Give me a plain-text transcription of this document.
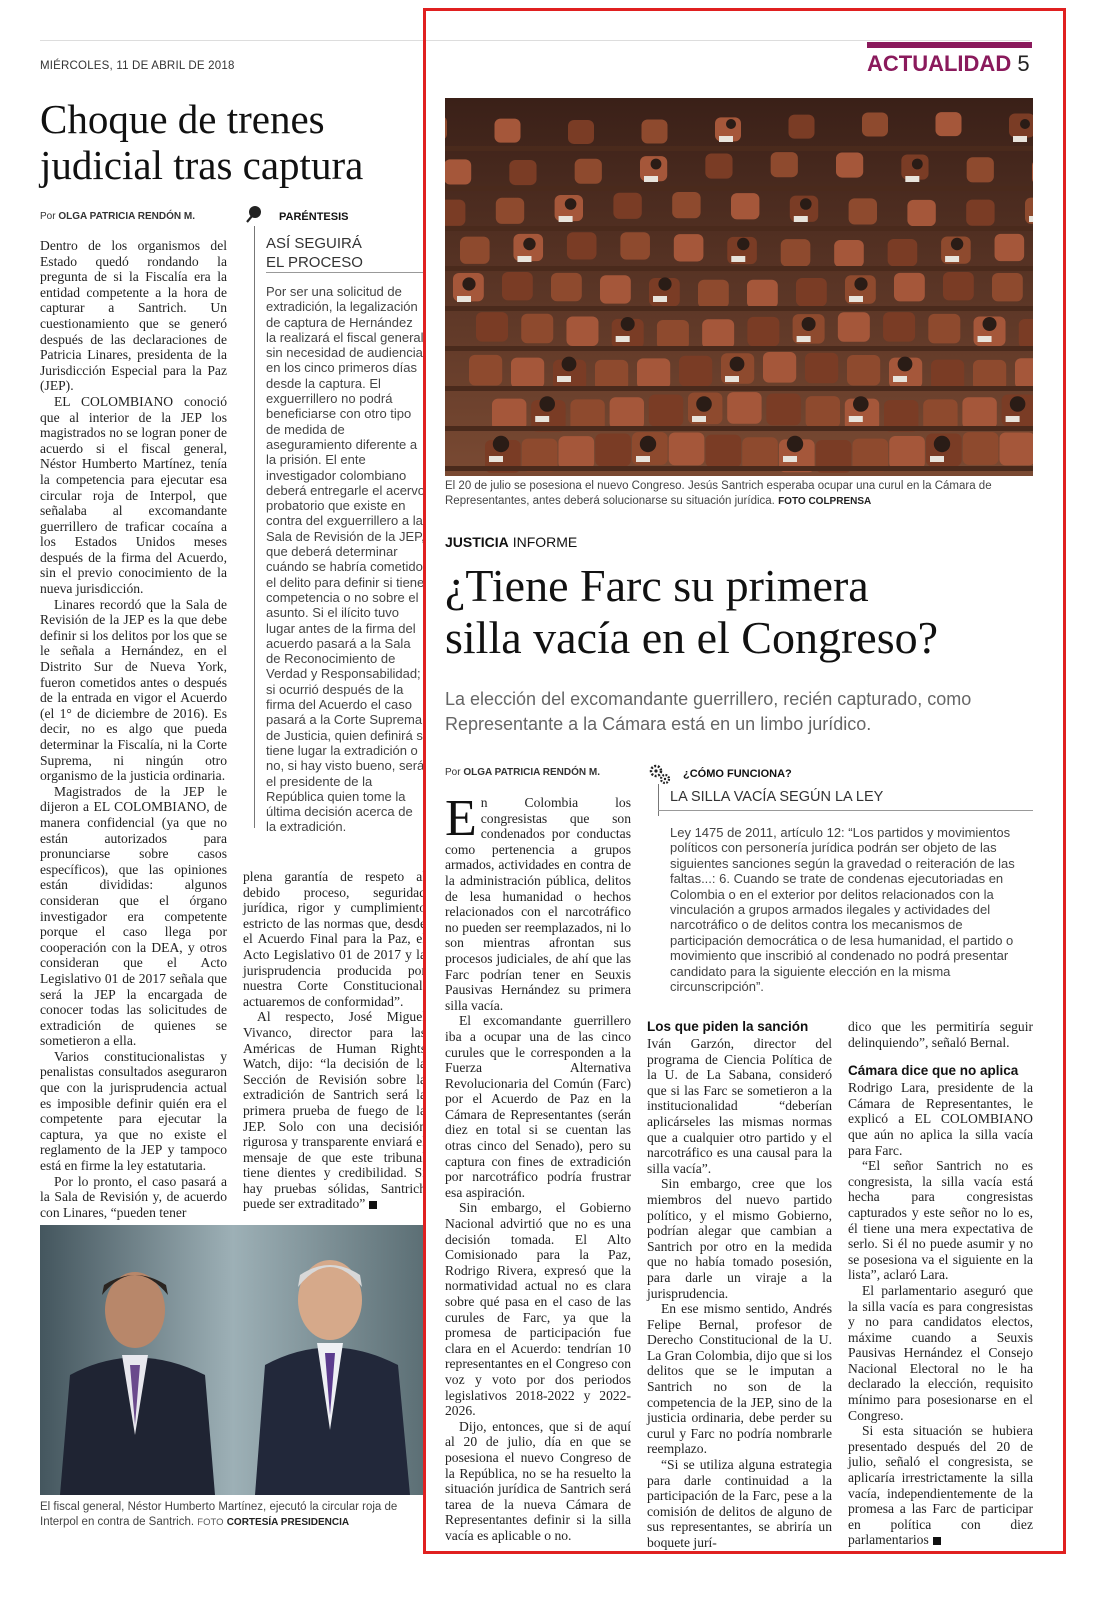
MIÉRCOLES, 11 DE ABRIL DE 2018	ACTUALIDAD 5
Choque de trenes
judicial tras captura
Por OLGA PATRICIA RENDÓN M.

Dentro de los organismos del Estado quedó rondando la pregunta de si la Fiscalía era la entidad competente a la hora de capturar a Santrich. Un cuestionamiento que se generó después de las declaraciones de Patricia Linares, presidenta de la Jurisdicción Especial para la Paz (JEP).

EL COLOMBIANO conoció que al interior de la JEP los magistrados no se logran poner de acuerdo si el fiscal general, Néstor Humberto Martínez, tenía la competencia para ejecutar esa circular roja de Interpol, que señalaba al excomandante guerrillero de traficar cocaína a los Estados Unidos meses después de la firma del Acuerdo, sin el previo conocimiento de la nueva jurisdicción.

Linares recordó que la Sala de Revisión de la JEP es la que debe definir si los delitos por los que se le señala a Hernández, en el Distrito Sur de Nueva York, fueron cometidos antes o después de la entrada en vigor el Acuerdo (el 1° de diciembre de 2016). Es decir, no es algo que pueda determinar la Fiscalía, ni la Corte Suprema, ni ningún otro organismo de la justicia ordinaria.

Magistrados de la JEP le dijeron a EL COLOMBIANO, de manera confidencial (ya que no están autorizados para pronunciarse sobre casos específicos), que las opiniones están divididas: algunos consideran que el órgano investigador era competente porque el caso llega por cooperación con la DEA, y otros consideran que el Acto Legislativo 01 de 2017 señala que será la JEP la encargada de conocer todas las solicitudes de extradición de quienes se sometieron a ella.

Varios constitucionalistas y penalistas consultados aseguraron que con la jurisprudencia actual es imposible definir quién era el competente para ejecutar la captura, ya que no existe el reglamento de la JEP y tampoco está en firme la ley estatutaria.

Por lo pronto, el caso pasará a la Sala de Revisión y, de acuerdo con Linares, “pueden tener

PARÉNTESIS
ASÍ SEGUIRÁ
EL PROCESO
Por ser una solicitud de extradición, la legalización de captura de Hernández la realizará el fiscal general sin necesidad de audiencia en los cinco primeros días desde la captura. El exguerrillero no podrá beneficiarse con otro tipo de medida de aseguramiento diferente a la prisión. El ente investigador colombiano deberá entregarle el acervo probatorio que existe en contra del exguerrillero a la Sala de Revisión de la JEP, que deberá determinar cuándo se habría cometido el delito para definir si tiene competencia o no sobre el asunto. Si el ilícito tuvo lugar antes de la firma del acuerdo pasará a la Sala de Reconocimiento de Verdad y Responsabilidad; si ocurrió después de la firma del Acuerdo el caso pasará a la Corte Suprema de Justicia, quien definirá si tiene lugar la extradición o no, si hay visto bueno, será el presidente de la República quien tome la última decisión acerca de la extradición.

plena garantía de respeto al debido proceso, seguridad jurídica, rigor y cumplimiento estricto de las normas que, desde el Acuerdo Final para la Paz, el Acto Legislativo 01 de 2017 y la jurisprudencia producida por nuestra Corte Constitucional, actuaremos de conformidad”.

Al respecto, José Miguel Vivanco, director para las Américas de Human Rights Watch, dijo: “la decisión de la Sección de Revisión sobre la extradición de Santrich será la primera prueba de fuego de la JEP. Solo con una decisión rigurosa y transparente enviará el mensaje de que este tribunal tiene dientes y credibilidad. Si hay pruebas sólidas, Santrich puede ser extraditado”

El fiscal general, Néstor Humberto Martínez, ejecutó la circular roja de Interpol en contra de Santrich. FOTO CORTESÍA PRESIDENCIA
El 20 de julio se posesiona el nuevo Congreso. Jesús Santrich esperaba ocupar una curul en la Cámara de Representantes, antes deberá solucionarse su situación jurídica. FOTO COLPRENSA
JUSTICIA INFORME
¿Tiene Farc su primera
silla vacía en el Congreso?
La elección del excomandante guerrillero, recién capturado, como Representante a la Cámara está en un limbo jurídico.
Por OLGA PATRICIA RENDÓN M.

En Colombia los congresistas que son condenados por conductas como pertenencia a grupos armados, actividades en contra de la administración pública, delitos de lesa humanidad o hechos relacionados con el narcotráfico no pueden ser reemplazados, ni lo son mientras afrontan sus procesos judiciales, de ahí que las Farc podrían tener en Seuxis Pausivas Hernández su primera silla vacía.

El excomandante guerrillero iba a ocupar una de las cinco curules que le corresponden a la Fuerza Alternativa Revolucionaria del Común (Farc) por el Acuerdo de Paz en la Cámara de Representantes (serán diez en total si se cuentan las otras cinco del Senado), pero su captura con fines de extradición por narcotráfico podría frustrar esa aspiración.

Sin embargo, el Gobierno Nacional advirtió que no es una decisión tomada. El Alto Comisionado para la Paz, Rodrigo Rivera, expresó que la normatividad actual no es clara sobre qué pasa en el caso de las curules de Farc, ya que la promesa de participación fue clara en el Acuerdo: tendrían 10 representantes en el Congreso con voz y voto por dos periodos legislativos 2018-2022 y 2022-2026.

Dijo, entonces, que si de aquí al 20 de julio, día en que se posesiona el nuevo Congreso de la República, no se ha resuelto la situación jurídica de Santrich será tarea de la nueva Cámara de Representantes definir si la silla vacía es aplicable o no.

¿CÓMO FUNCIONA?
LA SILLA VACÍA SEGÚN LA LEY
Ley 1475 de 2011, artículo 12: “Los partidos y movimientos políticos con personería jurídica podrán ser objeto de las siguientes sanciones según la gravedad o reiteración de las faltas...: 6. Cuando se trate de condenas ejecutoriadas en Colombia o en el exterior por delitos relacionados con la vinculación a grupos armados ilegales y actividades del narcotráfico o de delitos contra los mecanismos de participación democrática o de lesa humanidad, el partido o movimiento que inscribió al condenado no podrá presentar candidato para la siguiente elección en la misma circunscripción”.
Los que piden la sanción

Iván Garzón, director del programa de Ciencia Política de la U. de La Sabana, consideró que si las Farc se sometieron a la institucionalidad “deberían aplicárseles las mismas normas que a cualquier otro partido y el narcotráfico es una causal para la silla vacía”.

Sin embargo, cree que los miembros del nuevo partido político, y el mismo Gobierno, podrían alegar que cambian a Santrich por otro en la medida que no había tomado posesión, para darle un viraje a la jurisprudencia.

En ese mismo sentido, Andrés Felipe Bernal, profesor de Derecho Constitucional de la U. La Gran Colombia, dijo que si los delitos que se le imputan a Santrich no son de la competencia de la JEP, sino de la justicia ordinaria, debe perder su curul y Farc no podría nombrarle reemplazo.

“Si se utiliza alguna estrategia para darle continuidad a la participación de la Farc, pese a la comisión de delitos de alguno de sus representantes, se abriría un boquete jurí-

dico que les permitiría seguir delinquiendo”, señaló Bernal.

Cámara dice que no aplica

Rodrigo Lara, presidente de la Cámara de Representantes, le explicó a EL COLOMBIANO que aún no aplica la silla vacía para Farc.

“El señor Santrich no es congresista, la silla vacía está hecha para congresistas capturados y este señor no lo es, él tiene una mera expectativa de serlo. Si él no puede asumir y no se posesiona va el siguiente en la lista”, aclaró Lara.

El parlamentario aseguró que la silla vacía es para congresistas y no para candidatos electos, máxime cuando a Seuxis Pausivas Hernández el Consejo Nacional Electoral no le ha declarado la elección, requisito mínimo para posesionarse en el Congreso.

Si esta situación se hubiera presentado después del 20 de julio, señaló el congresista, se aplicaría irrestrictamente la silla vacía, independientemente de la promesa a las Farc de participar en política con diez parlamentarios
